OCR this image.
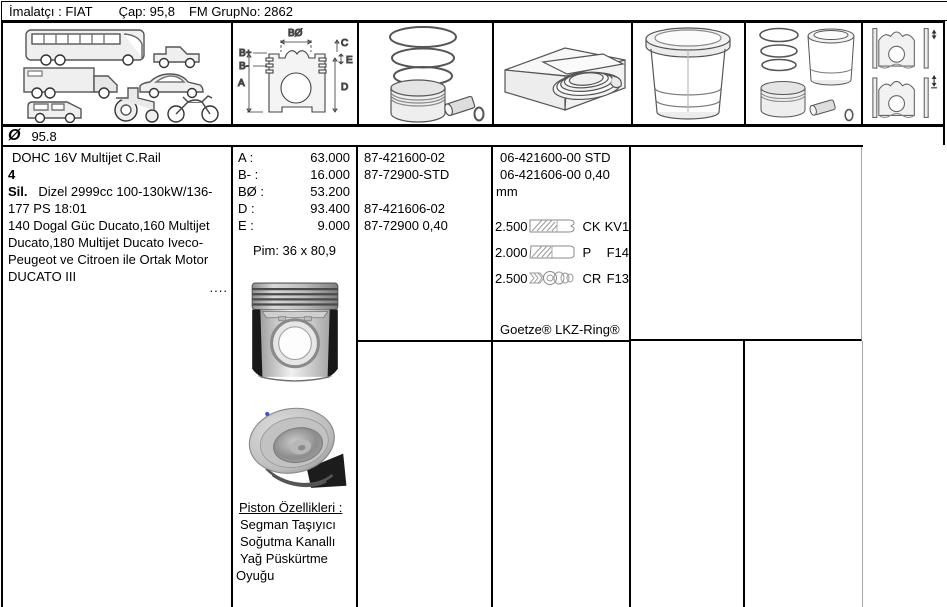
İmalatçı : FIAT Çap: 95,8 FM GrupNo: 2862
BØ
B+
B-
A
C
E
D
Ø 95.8
DOHC 16V Multijet C.Rail
4
Sil. Dizel 2999cc 100-130kW/136-177 PS 18:01
140 Dogal Güc Ducato,160 Multijet Ducato,180 Multijet Ducato Iveco-Peugeot ve Citroen ile Ortak Motor DUCATO III
....
A :	63.000
B- :	16.000
BØ :	53.200
D :	93.400
E :	9.000
Pim: 36 x 80,9
Piston Özellikleri :
Segman Taşıyıcı
Soğutma Kanallı
Yağ Püskürtme
Oyuğu
87-421600-02
87-72900-STD
87-421606-02
87-72900 0,40
06-421600-00 STD
06-421606-00 0,40
mm
2.500	CK KV1
2.000	P	F14
2.500	CR F13
Goetze® LKZ-Ring®
